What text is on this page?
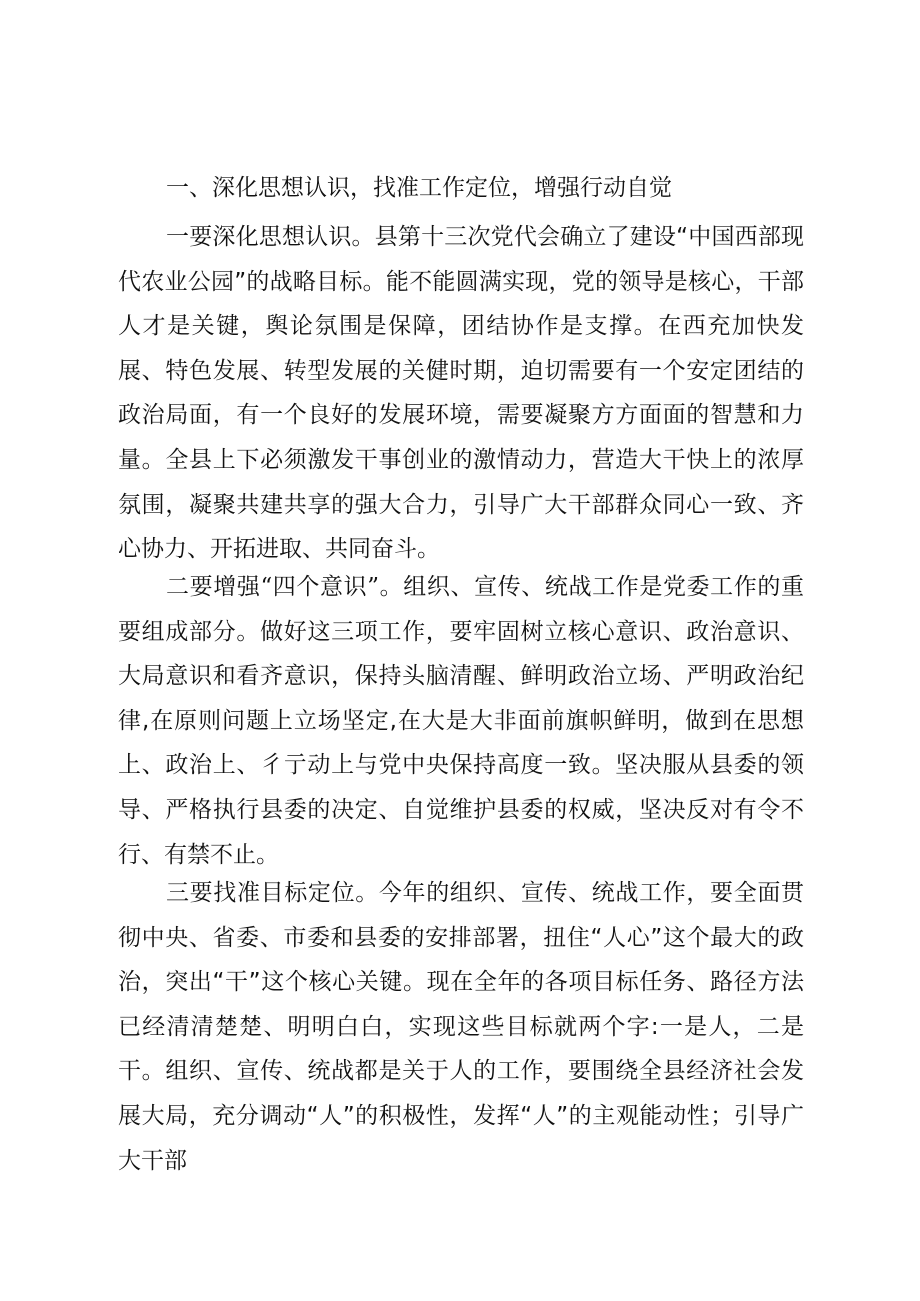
一、深化思想认识，找准工作定位，增强行动自觉

一要深化思想认识。县第十三次党代会确立了建设“中国西部现代农业公园”的战略目标。能不能圆满实现，党的领导是核心，干部人才是关键，舆论氛围是保障，团结协作是支撑。在西充加快发展、特色发展、转型发展的关健时期，迫切需要有一个安定团结的政治局面，有一个良好的发展环境，需要凝聚方方面面的智慧和力量。全县上下必须激发干事创业的激情动力，营造大干快上的浓厚氛围，凝聚共建共享的强大合力，引导广大干部群众同心一致、齐心协力、开拓进取、共同奋斗。

二要增强“四个意识”。组织、宣传、统战工作是党委工作的重要组成部分。做好这三项工作，要牢固树立核心意识、政治意识、大局意识和看齐意识，保持头脑清醒、鲜明政治立场、严明政治纪律,在原则问题上立场坚定,在大是大非面前旗帜鲜明，做到在思想上、政治上、彳亍动上与党中央保持高度一致。坚决服从县委的领导、严格执行县委的决定、自觉维护县委的权威，坚决反对有令不行、有禁不止。

三要找准目标定位。今年的组织、宣传、统战工作，要全面贯彻中央、省委、市委和县委的安排部署，扭住“人心”这个最大的政治，突出“干”这个核心关键。现在全年的各项目标任务、路径方法已经清清楚楚、明明白白，实现这些目标就两个字:一是人，二是干。组织、宣传、统战都是关于人的工作，要围绕全县经济社会发展大局，充分调动“人”的积极性，发挥“人”的主观能动性；引导广大干部
